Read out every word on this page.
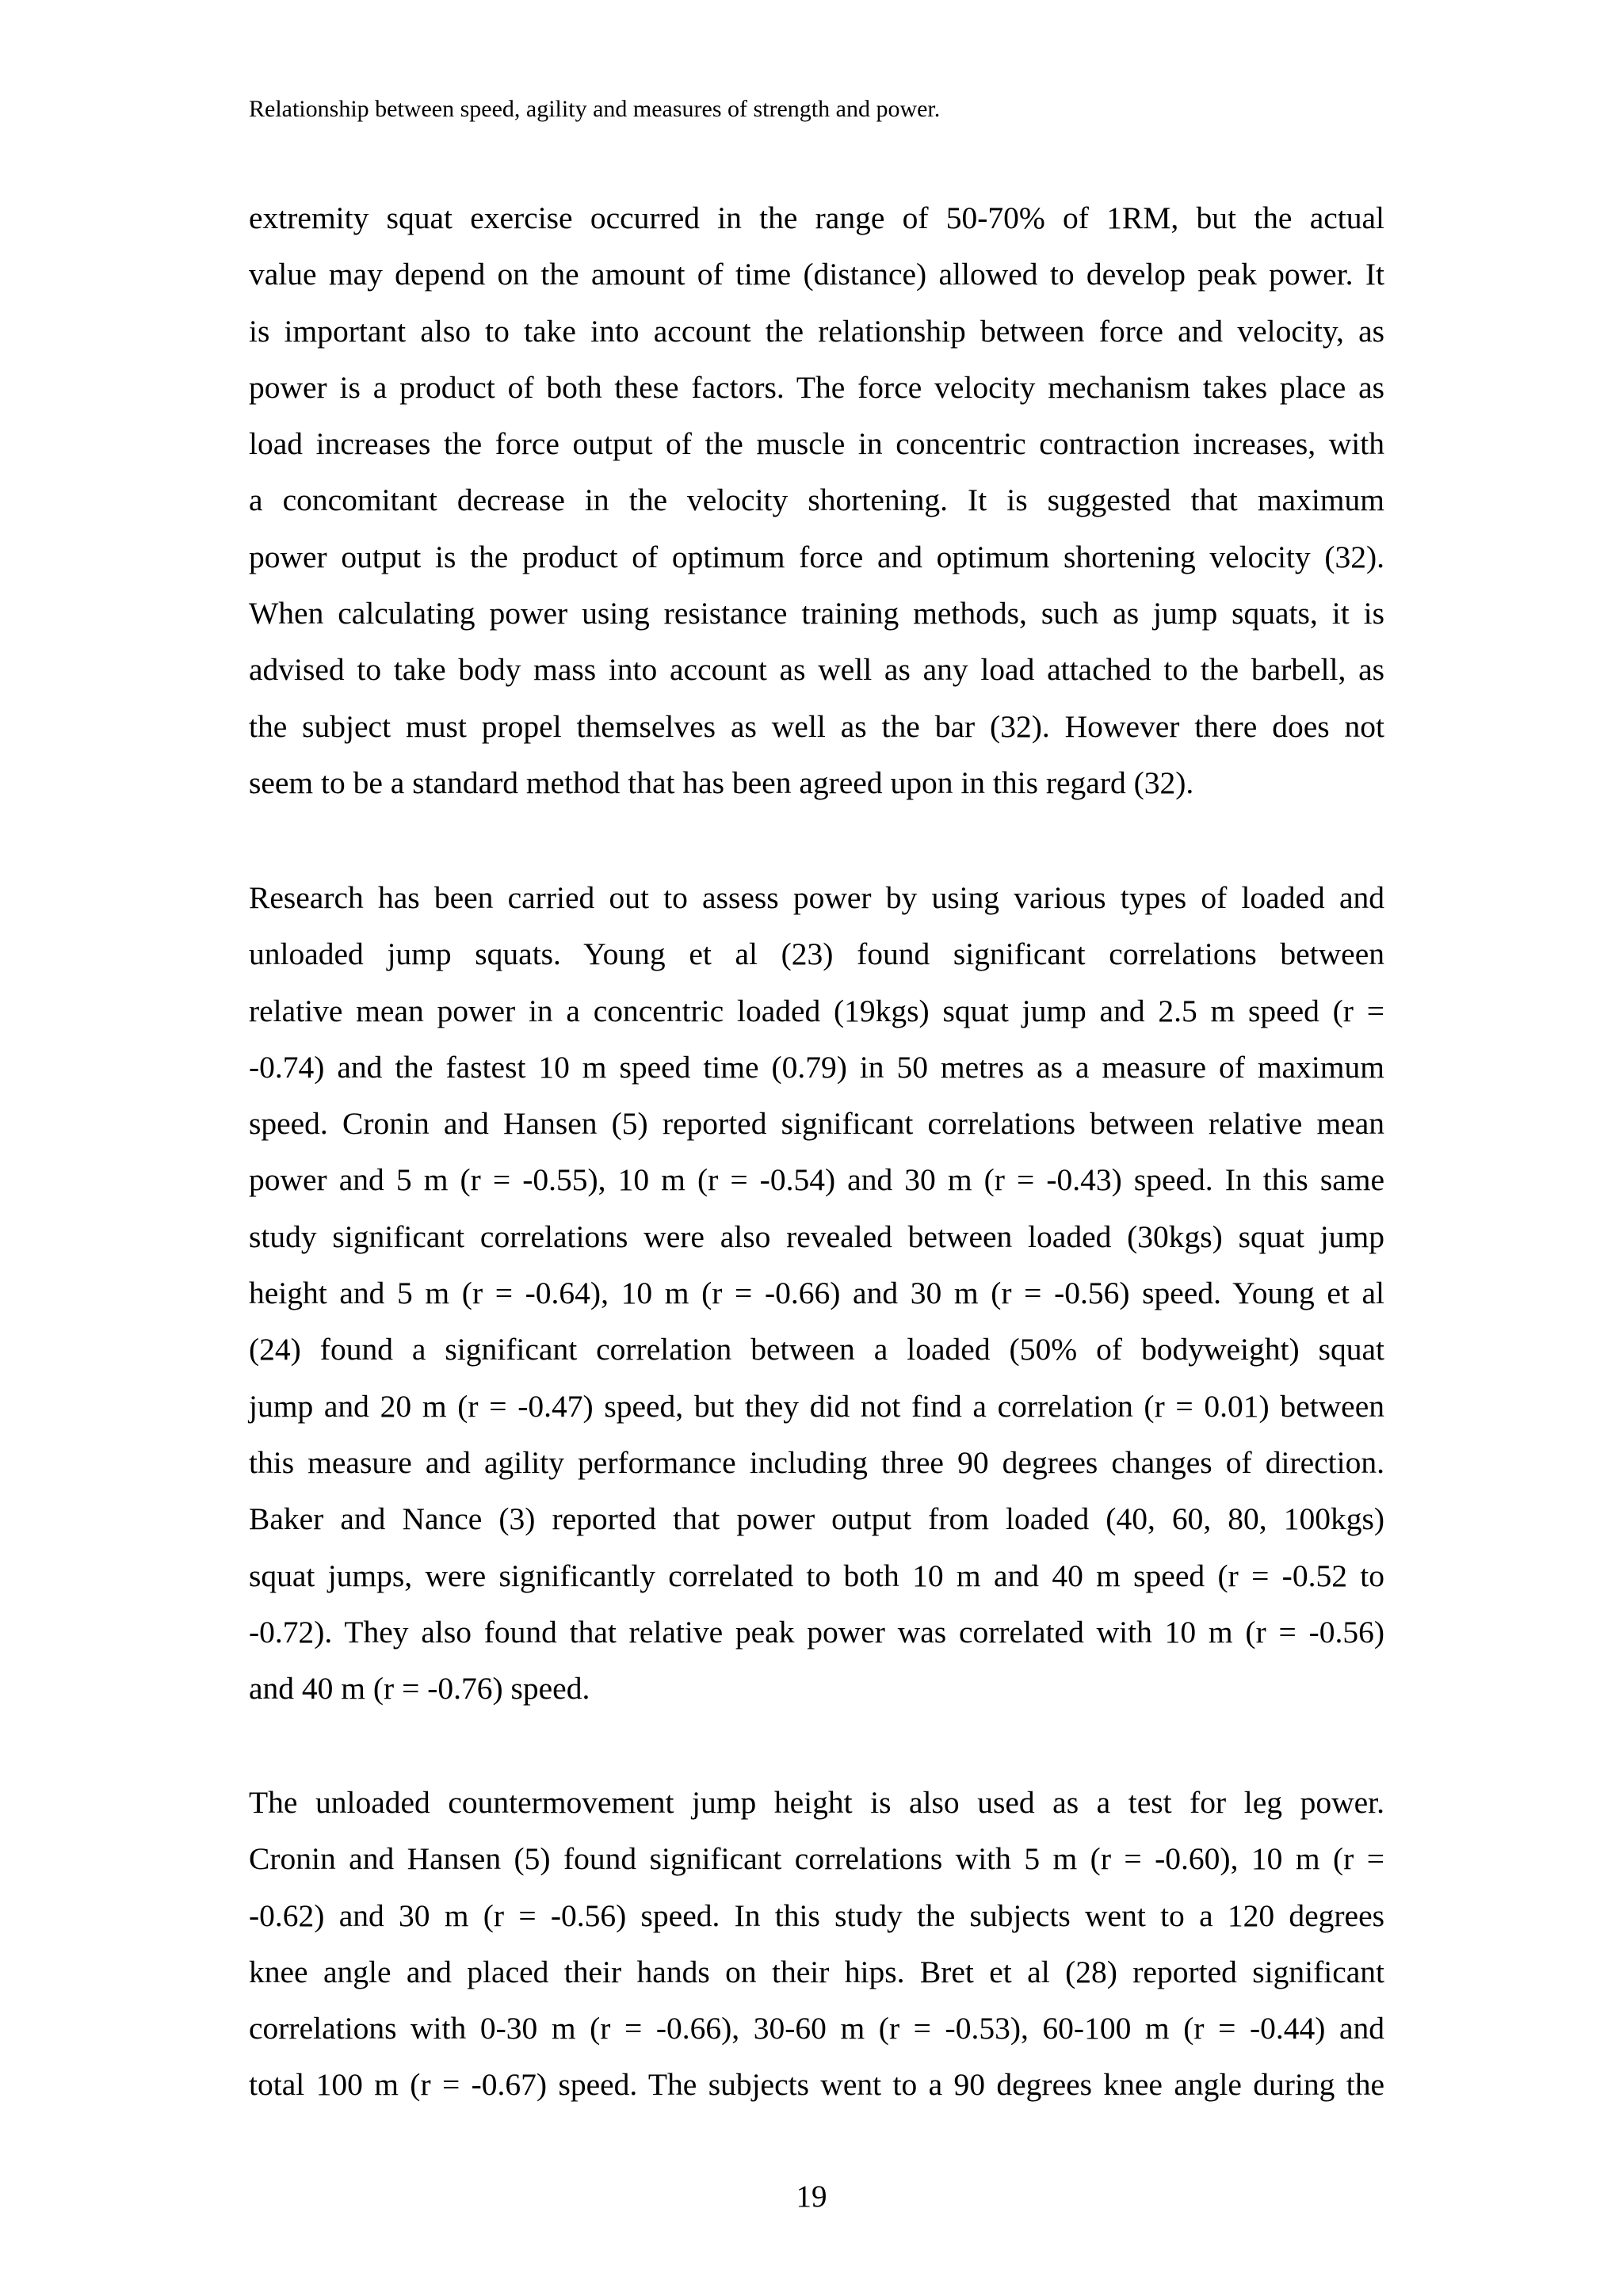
Relationship between speed, agility and measures of strength and power.
extremity squat exercise occurred in the range of 50-70% of 1RM, but the actual
value may depend on the amount of time (distance) allowed to develop peak power. It
is important also to take into account the relationship between force and velocity, as
power is a product of both these factors. The force velocity mechanism takes place as
load increases the force output of the muscle in concentric contraction increases, with
a concomitant decrease in the velocity shortening. It is suggested that maximum
power output is the product of optimum force and optimum shortening velocity (32).
When calculating power using resistance training methods, such as jump squats, it is
advised to take body mass into account as well as any load attached to the barbell, as
the subject must propel themselves as well as the bar (32). However there does not
seem to be a standard method that has been agreed upon in this regard (32).
Research has been carried out to assess power by using various types of loaded and
unloaded jump squats. Young et al (23) found significant correlations between
relative mean power in a concentric loaded (19kgs) squat jump and 2.5 m speed (r =
-0.74) and the fastest 10 m speed time (0.79) in 50 metres as a measure of maximum
speed. Cronin and Hansen (5) reported significant correlations between relative mean
power and 5 m (r = -0.55), 10 m (r = -0.54) and 30 m (r = -0.43) speed. In this same
study significant correlations were also revealed between loaded (30kgs) squat jump
height and 5 m (r = -0.64), 10 m (r = -0.66) and 30 m (r = -0.56) speed. Young et al
(24) found a significant correlation between a loaded (50% of bodyweight) squat
jump and 20 m (r = -0.47) speed, but they did not find a correlation (r = 0.01) between
this measure and agility performance including three 90 degrees changes of direction.
Baker and Nance (3) reported that power output from loaded (40, 60, 80, 100kgs)
squat jumps, were significantly correlated to both 10 m and 40 m speed (r = -0.52 to
-0.72). They also found that relative peak power was correlated with 10 m (r = -0.56)
and 40 m (r = -0.76) speed.
The unloaded countermovement jump height is also used as a test for leg power.
Cronin and Hansen (5) found significant correlations with 5 m (r = -0.60), 10 m (r =
-0.62) and 30 m (r = -0.56) speed. In this study the subjects went to a 120 degrees
knee angle and placed their hands on their hips. Bret et al (28) reported significant
correlations with 0-30 m (r = -0.66), 30-60 m (r = -0.53), 60-100 m (r = -0.44) and
total 100 m (r = -0.67) speed. The subjects went to a 90 degrees knee angle during the
19
